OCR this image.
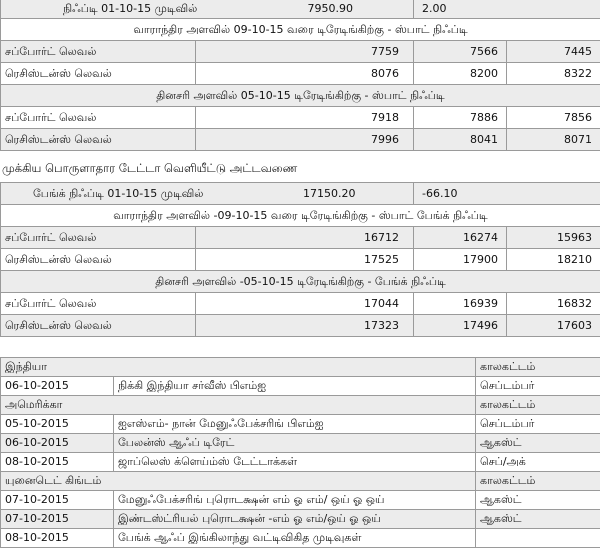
நிஃப்டி 01-10-15 முடிவில் 7950.90		2.00	
வாராந்திர அளவில் 09-10-15 வரை டிரேடிங்கிற்கு - ஸ்பாட் நிஃப்டி			
சப்போர்ட் லெவல்	7759	7566	7445
ரெசிஸ்டன்ஸ் லெவல்	8076	8200	8322
தினசரி அளவில் 05-10-15 டிரேடிங்கிற்கு - ஸ்பாட் நிஃப்டி			
சப்போர்ட் லெவல்	7918	7886	7856
ரெசிஸ்டன்ஸ் லெவல்	7996	8041	8071
முக்கிய பொருளாதார டேட்டா வெளியீட்டு அட்டவணை
பேங்க் நிஃப்டி 01-10-15 முடிவில் 17150.20		-66.10	
வாராந்திர அளவில் -09-10-15 வரை டிரேடிங்கிற்கு - ஸ்பாட் பேங்க் நிஃப்டி			
சப்போர்ட் லெவல்	16712	16274	15963
ரெசிஸ்டன்ஸ் லெவல்	17525	17900	18210
தினசரி அளவில் -05-10-15 டிரேடிங்கிற்கு - பேங்க் நிஃப்டி			
சப்போர்ட் லெவல்	17044	16939	16832
ரெசிஸ்டன்ஸ் லெவல்	17323	17496	17603
இந்தியா		காலகட்டம்
06-10-2015	நிக்கி இந்தியா சர்வீஸ் பிஎம்ஐ	செப்டம்பர்
அமெரிக்கா		காலகட்டம்
05-10-2015	ஐஎஸ்எம்- நான் மேனுஃபேக்சரிங் பிஎம்ஐ	செப்டம்பர்
06-10-2015	பேலன்ஸ் ஆஃப் டிரேட்	ஆகஸ்ட்
08-10-2015	ஜாப்லெஸ் க்ளெய்ம்ஸ் டேட்டாக்கள்	செப்/அக்
யுனைடெட் கிங்டம்		காலகட்டம்
07-10-2015	மேனுஃபேக்சரிங் புரொடக்ஷன் எம் ஓ எம்/ ஒய் ஓ ஒய்	ஆகஸ்ட்
07-10-2015	இண்டஸ்ட்ரியல் புரொடக்ஷன் -எம் ஓ எம்/ஒய் ஓ ஒய்	ஆகஸ்ட்
08-10-2015	பேங்க் ஆஃப் இங்கிலாந்து வட்டிவிகித முடிவுகள்	
